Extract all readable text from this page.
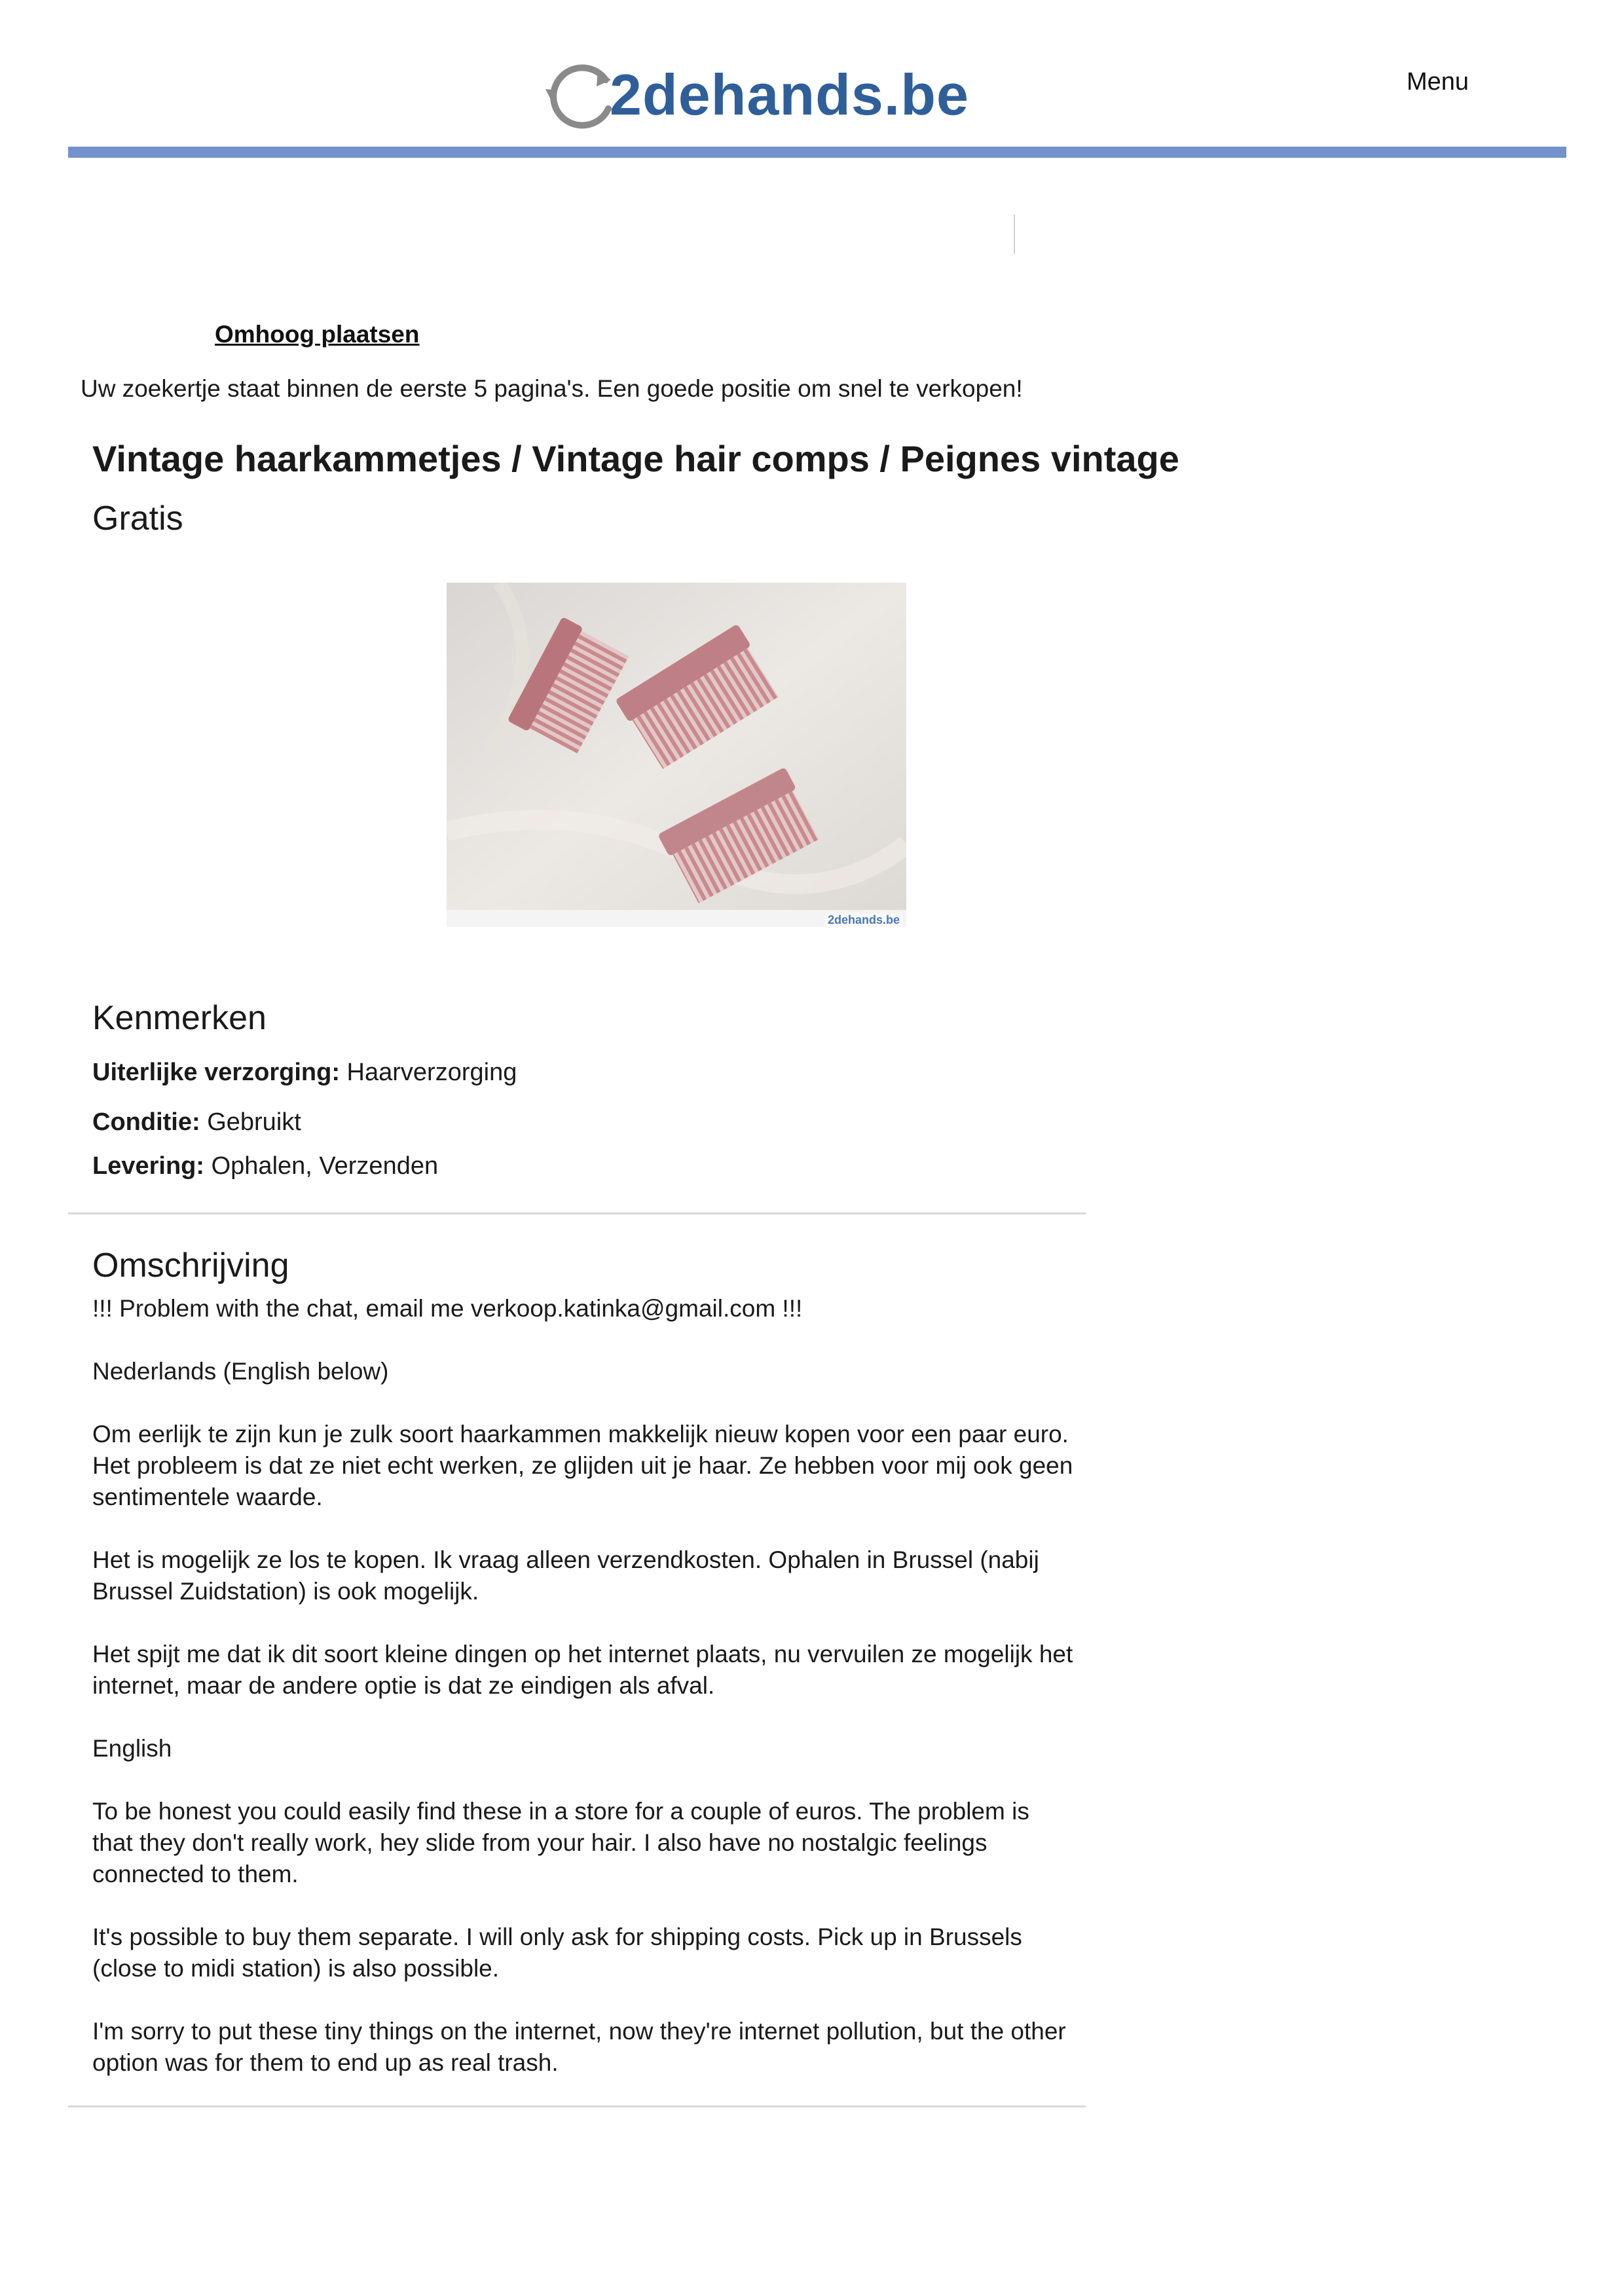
2dehands.be	Menu
Omhoog plaatsen
Uw zoekertje staat binnen de eerste 5 pagina's. Een goede positie om snel te verkopen!
Vintage haarkammetjes / Vintage hair comps / Peignes vintage
Gratis
2dehands.be
Kenmerken
Uiterlijke verzorging: Haarverzorging
Conditie: Gebruikt
Levering: Ophalen, Verzenden
Omschrijving

!!! Problem with the chat, email me verkoop.katinka@gmail.com !!!

Nederlands (English below)

Om eerlijk te zijn kun je zulk soort haarkammen makkelijk nieuw kopen voor een paar euro. Het probleem is dat ze niet echt werken, ze glijden uit je haar. Ze hebben voor mij ook geen sentimentele waarde.

Het is mogelijk ze los te kopen. Ik vraag alleen verzendkosten. Ophalen in Brussel (nabij Brussel Zuidstation) is ook mogelijk.

Het spijt me dat ik dit soort kleine dingen op het internet plaats, nu vervuilen ze mogelijk het internet, maar de andere optie is dat ze eindigen als afval.

English

To be honest you could easily find these in a store for a couple of euros. The problem is that they don't really work, hey slide from your hair. I also have no nostalgic feelings connected to them.

It's possible to buy them separate. I will only ask for shipping costs. Pick up in Brussels (close to midi station) is also possible.

I'm sorry to put these tiny things on the internet, now they're internet pollution, but the other option was for them to end up as real trash.
